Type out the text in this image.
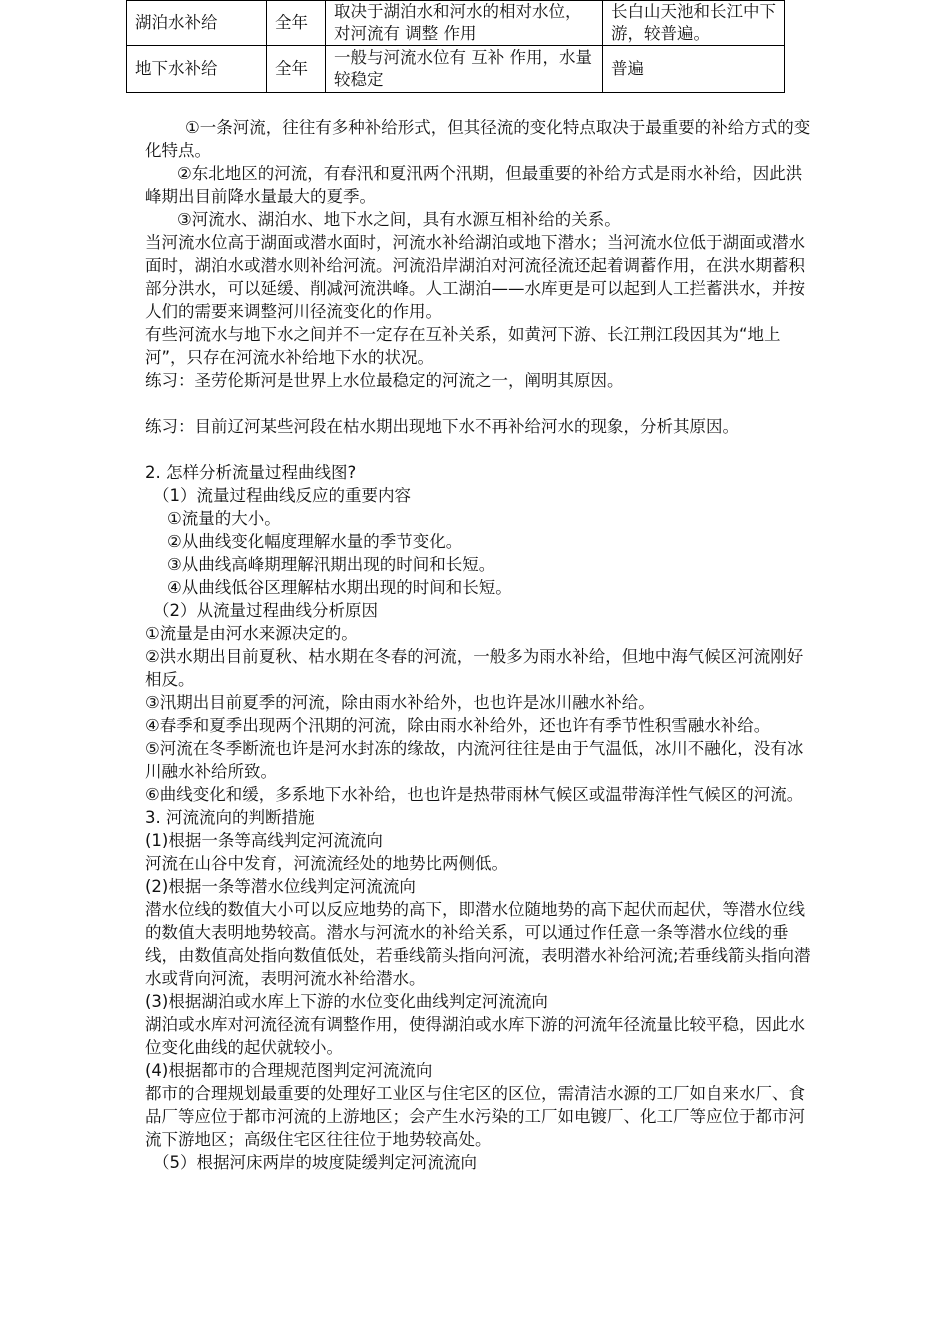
湖泊水补给	全年	取决于湖泊水和河水的相对水位，对河流有 调整 作用	长白山天池和长江中下游，较普遍。
地下水补给	全年	一般与河流水位有 互补 作用，水量 较稳定	普遍

①一条河流，往往有多种补给形式，但其径流的变化特点取决于最重要的补给方式的变化特点。

②东北地区的河流，有春汛和夏汛两个汛期，但最重要的补给方式是雨水补给，因此洪峰期出目前降水量最大的夏季。

③河流水、湖泊水、地下水之间，具有水源互相补给的关系。

当河流水位高于湖面或潜水面时，河流水补给湖泊或地下潜水；当河流水位低于湖面或潜水面时，湖泊水或潜水则补给河流。河流沿岸湖泊对河流径流还起着调蓄作用，在洪水期蓄积部分洪水，可以延缓、削减河流洪峰。人工湖泊——水库更是可以起到人工拦蓄洪水，并按人们的需要来调整河川径流变化的作用。

有些河流水与地下水之间并不一定存在互补关系，如黄河下游、长江荆江段因其为“地上河”，只存在河流水补给地下水的状况。

练习：圣劳伦斯河是世界上水位最稳定的河流之一，阐明其原因。

练习：目前辽河某些河段在枯水期出现地下水不再补给河水的现象，分析其原因。

2. 怎样分析流量过程曲线图?

（1）流量过程曲线反应的重要内容

①流量的大小。

②从曲线变化幅度理解水量的季节变化。

③从曲线高峰期理解汛期出现的时间和长短。

④从曲线低谷区理解枯水期出现的时间和长短。

（2）从流量过程曲线分析原因

①流量是由河水来源决定的。

②洪水期出目前夏秋、枯水期在冬春的河流，一般多为雨水补给，但地中海气候区河流刚好相反。

③汛期出目前夏季的河流，除由雨水补给外，也也许是冰川融水补给。

④春季和夏季出现两个汛期的河流，除由雨水补给外，还也许有季节性积雪融水补给。

⑤河流在冬季断流也许是河水封冻的缘故，内流河往往是由于气温低，冰川不融化，没有冰川融水补给所致。

⑥曲线变化和缓，多系地下水补给，也也许是热带雨林气候区或温带海洋性气候区的河流。

3. 河流流向的判断措施

(1)根据一条等高线判定河流流向

河流在山谷中发育，河流流经处的地势比两侧低。

(2)根据一条等潜水位线判定河流流向

潜水位线的数值大小可以反应地势的高下，即潜水位随地势的高下起伏而起伏，等潜水位线的数值大表明地势较高。潜水与河流水的补给关系，可以通过作任意一条等潜水位线的垂线，由数值高处指向数值低处，若垂线箭头指向河流，表明潜水补给河流;若垂线箭头指向潜水或背向河流，表明河流水补给潜水。

(3)根据湖泊或水库上下游的水位变化曲线判定河流流向

湖泊或水库对河流径流有调整作用，使得湖泊或水库下游的河流年径流量比较平稳，因此水位变化曲线的起伏就较小。

(4)根据都市的合理规范图判定河流流向

都市的合理规划最重要的处理好工业区与住宅区的区位，需清洁水源的工厂如自来水厂、食品厂等应位于都市河流的上游地区；会产生水污染的工厂如电镀厂、化工厂等应位于都市河流下游地区；高级住宅区往往位于地势较高处。

（5）根据河床两岸的坡度陡缓判定河流流向
